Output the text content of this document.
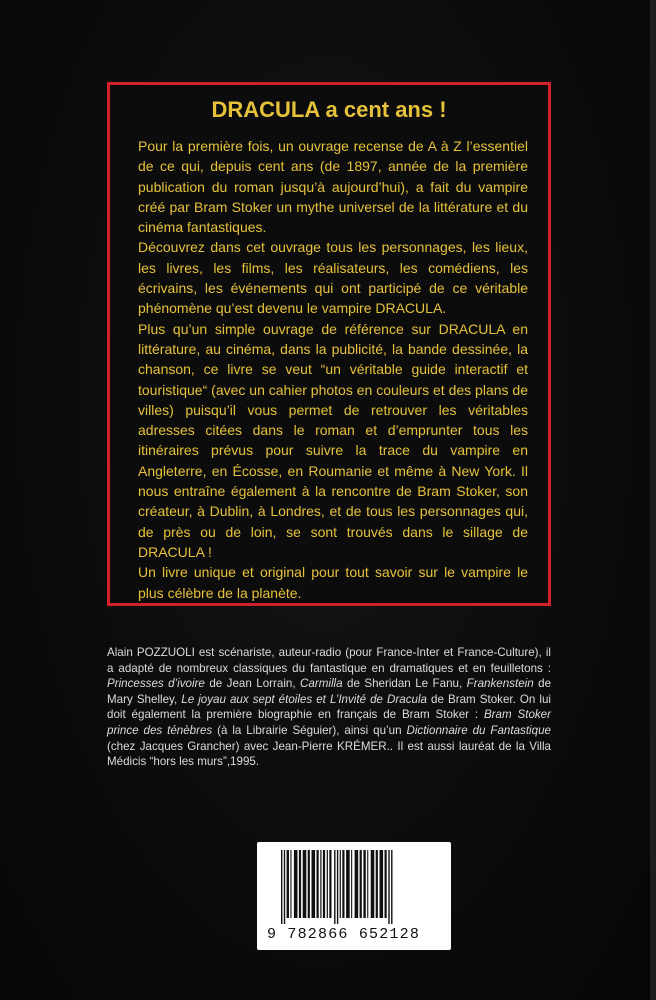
DRACULA a cent ans !

Pour la première fois, un ouvrage recense de A à Z l’essentiel de ce qui, depuis cent ans (de 1897, année de la première publication du roman jusqu’à aujourd’hui), a fait du vampire créé par Bram Stoker un mythe universel de la littérature et du cinéma fantastiques.

Découvrez dans cet ouvrage tous les personnages, les lieux, les livres, les films, les réalisateurs, les comédiens, les écrivains, les événements qui ont participé de ce véritable phénomène qu’est devenu le vampire DRACULA.

Plus qu’un simple ouvrage de référence sur DRACULA en littérature, au cinéma, dans la publicité, la bande dessinée, la chanson, ce livre se veut “un véritable guide interactif et touristique“ (avec un cahier photos en couleurs et des plans de villes) puisqu’il vous permet de retrouver les véritables adresses citées dans le roman et d’emprunter tous les itinéraires prévus pour suivre la trace du vampire en Angleterre, en Écosse, en Roumanie et même à New York. Il nous entraîne également à la rencontre de Bram Stoker, son créateur, à Dublin, à Londres, et de tous les personnages qui, de près ou de loin, se sont trouvés dans le sillage de DRACULA !

Un livre unique et original pour tout savoir sur le vampire le plus célèbre de la planète.

Alain POZZUOLI est scénariste, auteur-radio (pour France-Inter et France-Culture), il a adapté de nombreux classiques du fantastique en dramatiques et en feuilletons : Princesses d’ivoire de Jean Lorrain, Carmilla de Sheridan Le Fanu, Frankenstein de Mary Shelley, Le joyau aux sept étoiles et L’Invité de Dracula de Bram Stoker. On lui doit également la première biographie en français de Bram Stoker : Bram Stoker prince des ténèbres (à la Librairie Séguier), ainsi qu’un Dictionnaire du Fantastique (chez Jacques Grancher) avec Jean-Pierre KRÉMER.. Il est aussi lauréat de la Villa Médicis “hors les murs”,1995.
9 782866 652128
